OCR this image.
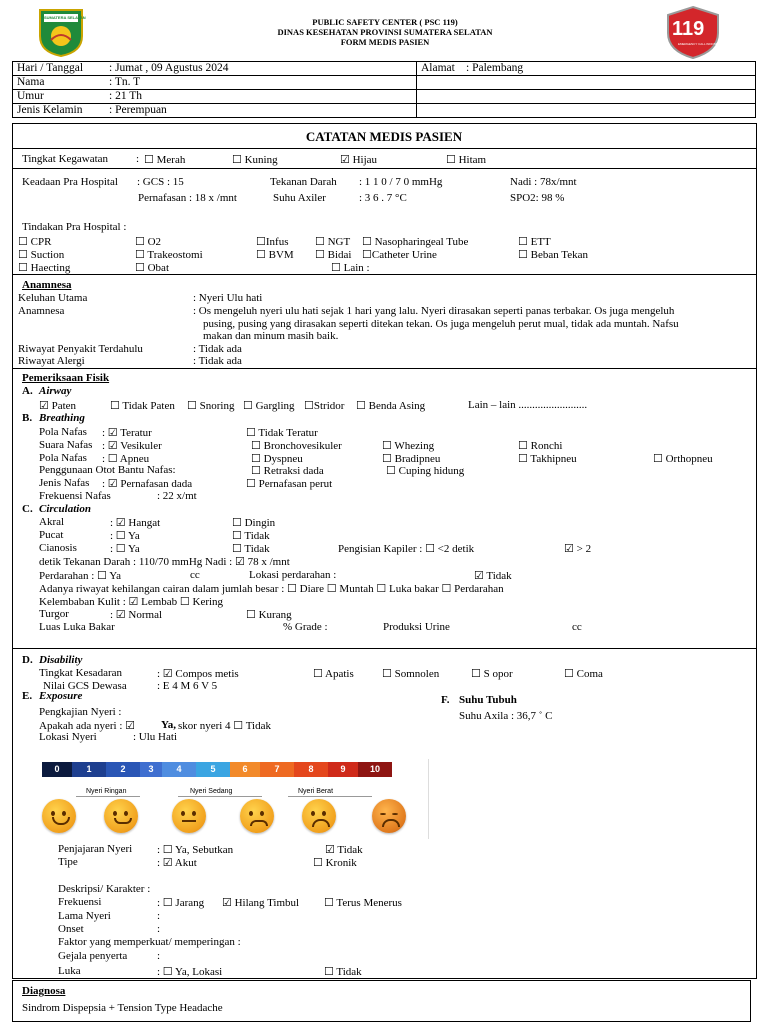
SUMATERA SELATAN	PUBLIC SAFETY CENTER ( PSC 119)
DINAS KESEHATAN PROVINSI SUMATERA SELATAN
FORM MEDIS PASIEN
119
EMERGENCY CALL INDONESIA
Hari / Tanggal : Jumat , 09 Agustus 2024	Alamat : Palembang
Nama : Tn. T	
Umur : 21 Th	
Jenis Kelamin : Perempuan	
CATATAN MEDIS PASIEN
Tingkat Kegawatan	: ☐ Merah	☐ Kuning	☑ Hijau	☐ Hitam
Keadaan Pra Hospital : GCS : 15	Tekanan Darah : 1 1 0 / 7 0 mmHg	Nadi : 78x/mnt
Pernafasan : 18 x /mnt	Suhu Axiler	: 3 6 . 7 °C	SPO2: 98 %
Tindakan Pra Hospital :
☐ CPR	☐ O2	☐Infus ☐ NGT ☐ Nasopharingeal Tube	☐ ETT
☐ Suction	☐ Trakeostomi	☐ BVM ☐ Bidai ☐Catheter Urine	☐ Beban Tekan
☐ Haecting	☐ Obat	☐ Lain :
Anamnesa
Keluhan Utama	: Nyeri Ulu hati
Anamnesa	: Os mengeluh nyeri ulu hati sejak 1 hari yang lalu. Nyeri dirasakan seperti panas terbakar. Os juga mengeluh
pusing, pusing yang dirasakan seperti ditekan tekan. Os juga mengeluh perut mual, tidak ada muntah. Nafsu
makan dan minum masih baik.
Riwayat Penyakit Terdahulu	: Tidak ada
Riwayat Alergi	: Tidak ada
Pemeriksaan Fisik
A. Airway
☑ Paten	☐ Tidak Paten ☐ Snoring ☐ Gargling ☐Stridor ☐ Benda Asing	Lain – lain .........................
B. Breathing
Pola Nafas : ☑ Teratur	☐ Tidak Teratur
Suara Nafas : ☑ Vesikuler	☐ Bronchovesikuler	☐ Whezing	☐ Ronchi
Pola Nafas : ☐ Apneu	☐ Dyspneu	☐ Bradipneu	☐ Takhipneu	☐ Orthopneu
Penggunaan Otot Bantu Nafas:	☐ Retraksi dada	☐ Cuping hidung
Jenis Nafas : ☑ Pernafasan dada	☐ Pernafasan perut
Frekuensi Nafas	: 22 x/mt
C. Circulation
Akral	: ☑ Hangat	☐ Dingin
Pucat	: ☐ Ya	☐ Tidak
Cianosis	: ☐ Ya	☐ Tidak	Pengisian Kapiler : ☐ <2 detik	☑ > 2
detik Tekanan Darah : 110/70 mmHg Nadi : ☑ 78 x /mnt
Perdarahan : ☐ Ya	cc	Lokasi perdarahan :	☑ Tidak
Adanya riwayat kehilangan cairan dalam jumlah besar : ☐ Diare ☐ Muntah ☐ Luka bakar ☐ Perdarahan
Kelembaban Kulit : ☑ Lembab ☐ Kering
Turgor	: ☑ Normal	☐ Kurang
Luas Luka Bakar	% Grade :	Produksi Urine	cc
D. Disability
Tingkat Kesadaran	: ☑ Compos metis	☐ Apatis	☐ Somnolen	☐ S opor	☐ Coma
Nilai GCS Dewasa	: E 4 M 6 V 5
E. Exposure
Pengkajian Nyeri :
Apakah ada nyeri : ☑ Ya, skor nyeri 4 ☐ Tidak
Lokasi Nyeri	: Ulu Hati
F. Suhu Tubuh
Suhu Axila : 36,7 ˚ C
0	1	2	3	4	5	6	7	8	9	10
Nyeri Ringan	Nyeri Sedang	Nyeri Berat
Penjajaran Nyeri : ☐ Ya, Sebutkan	☑ Tidak
Tipe	: ☑ Akut	☐ Kronik
Deskripsi/ Karakter :
Frekuensi	: ☐ Jarang ☑ Hilang Timbul ☐ Terus Menerus
Lama Nyeri	:
Onset	:
Faktor yang memperkuat/ memperingan :
Gejala penyerta	:
Luka	: ☐ Ya, Lokasi	☐ Tidak
Diagnosa
Sindrom Dispepsia + Tension Type Headache
